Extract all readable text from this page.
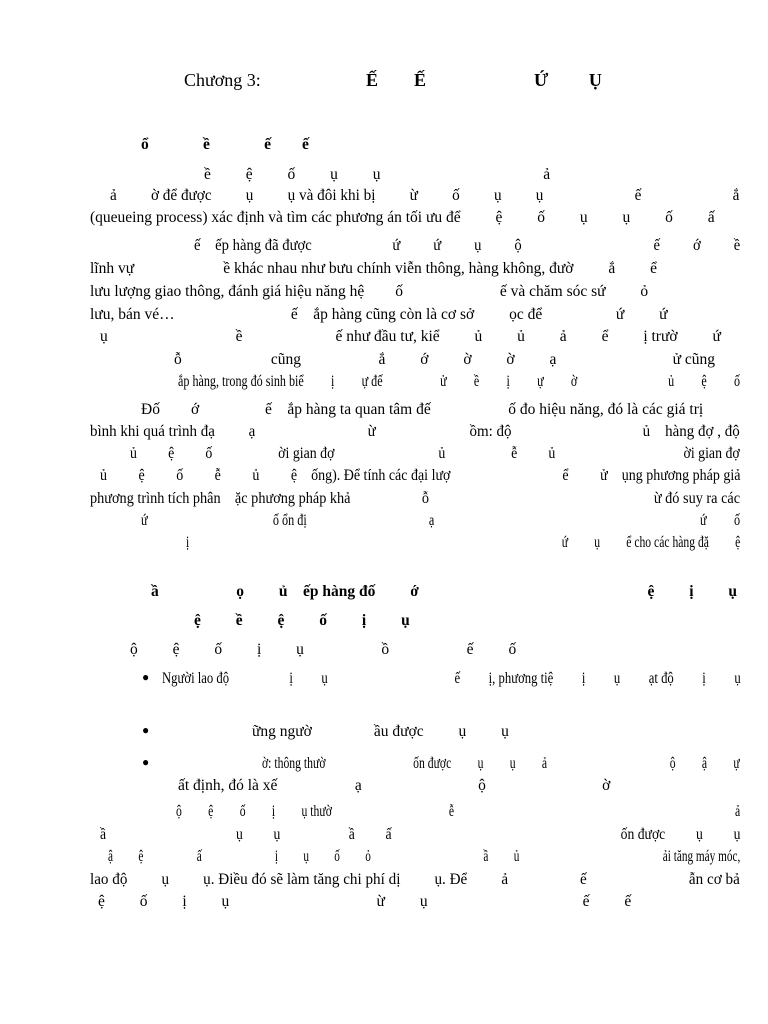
Chương 3:	Ế        Ế                        Ứ         Ụ
ổ              ề              ế        ế
ề         ệ         ố         ụ         ụ                                          ả
ả         ờ để được         ụ         ụ và đôi khi bị         ừ         ố         ụ         ụ                        ế                        ắ
(queueing process) xác định và tìm các phương án tối ưu để         ệ         ố         ụ         ụ         ố         ấ
ế    ếp hàng đã được                      ứ         ứ         ụ         ộ                                    ế         ớ         ề
lĩnh vự                       ề khác nhau như bưu chính viễn thông, hàng không, đườ         ắ         ể
lưu lượng giao thông, đánh giá hiệu năng hệ        ố                         ế và chăm sóc sứ         ỏ
lưu, bán vé…                              ế    ắp hàng cũng còn là cơ sở         ọc để                   ứ         ứ
ụ                                 ề                        ế như đầu tư, kiể         ủ         ủ         ả         ể         ị trườ         ứ
ỗ                       cũng                    ắ         ớ         ờ         ờ         ạ                              ử cũng
ắp hàng, trong đó sinh biể         ị         ự đế                   ử         ề         ị         ự         ờ                              ủ         ệ         ố
Đố        ớ                 ế    ắp hàng ta quan tâm đế                    ố đo hiệu năng, đó là các giá trị
bình khi quá trình đạ         ạ                              ừ                         ồm: độ                                   ủ    hàng đợ , độ
ủ         ệ         ố                   ời gian đợ                              ủ                   ễ         ủ                                     ời gian đợ
ủ         ệ         ố         ễ         ủ         ệ    ống). Để tính các đại lượ                                ể         ử    ụng phương pháp giả
phương trình tích phân    ặc phương pháp khả                    ỗ                                                               ừ đó suy ra các
ứ                                         ố ổn đị                                        ạ                                                                                       ứ         ố
ị                                                                                                                                ứ         ụ         ể cho các hàng đặ         ệ
ầ                    ọ         ủ    ếp hàng đố         ớ                                                           ệ         ị         ụ
ệ         ề         ệ         ố         ị         ụ
ộ         ệ         ố         ị         ụ                    ồ                    ế         ố
● Người lao độ                   ị         ụ                                        ế         ị, phương tiệ         ị         ụ         ạt độ         ị         ụ
●	ững ngườ                ầu được         ụ         ụ
●	ờ: thông thườ                              ốn được         ụ         ụ         ả                                          ộ         ậ         ự
ất định, đó là xế                    ạ                              ộ                              ờ
ộ         ệ         ố         ị         ụ thườ                                        ễ                                                                                                ả
ầ                                      ụ         ụ                    ầ         ấ                                                                   ốn được         ụ         ụ
ậ         ệ                   ấ                          ị         ụ         ố         ỏ                                        ầ         ủ                                                   ải tăng máy móc,
lao độ         ụ         ụ. Điều đó sẽ làm tăng chi phí dị         ụ. Để         ả                   ế                           ẫn cơ bả
ệ         ố         ị         ụ                                      ừ         ụ                                        ế         ế
